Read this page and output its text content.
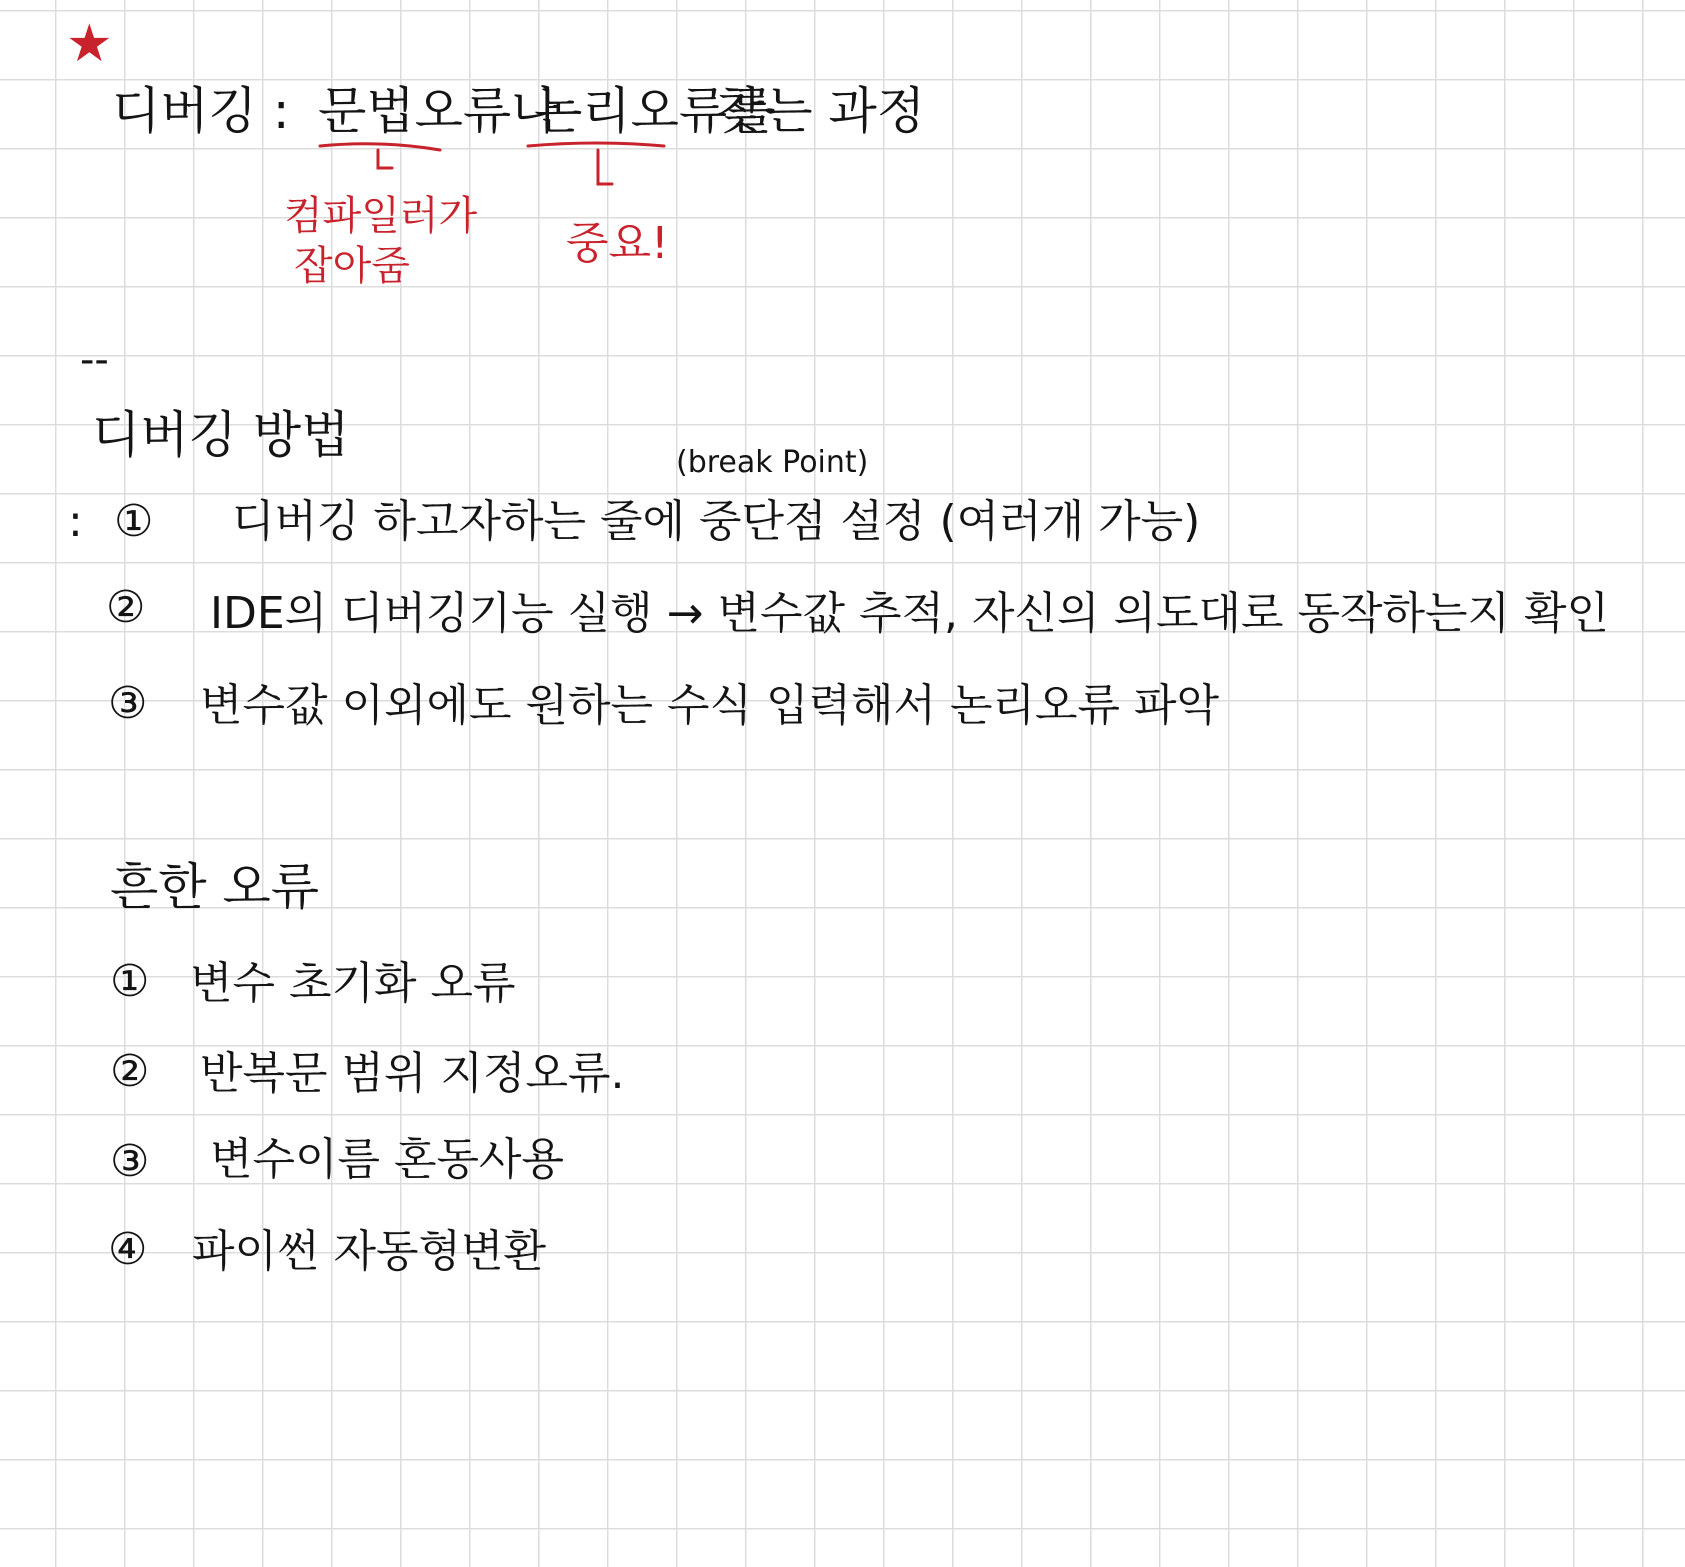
★
디버깅 : 문법오류나
논리오류를
찾는 과정
컴파일러가
잡아줌	중요!
--
디버깅 방법	(break Point)
: ① 디버깅 하고자하는 줄에 중단점 설정 (여러개 가능)
② IDE의 디버깅기능 실행 → 변수값 추적, 자신의 의도대로 동작하는지 확인
③ 변수값 이외에도 원하는 수식 입력해서 논리오류 파악
흔한 오류
① 변수 초기화 오류
② 반복문 범위 지정오류.
③ 변수이름 혼동사용
④ 파이썬 자동형변환
